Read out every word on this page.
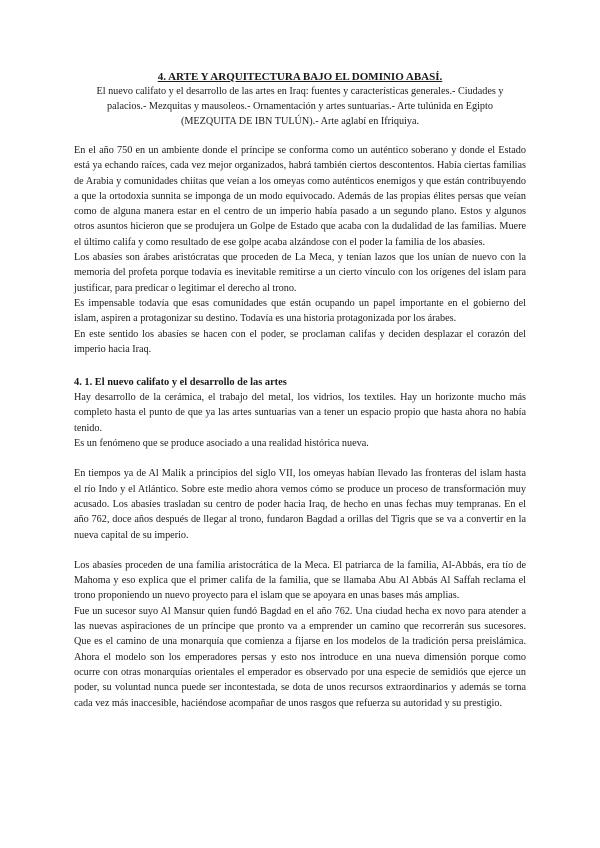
4. ARTE Y ARQUITECTURA BAJO EL DOMINIO ABASÍ.

El nuevo califato y el desarrollo de las artes en Iraq: fuentes y características generales.- Ciudades y palacios.- Mezquitas y mausoleos.- Ornamentación y artes suntuarias.- Arte tulúnida en Egipto (MEZQUITA DE IBN TULÚN).- Arte aglabí en Ifriquiya.

En el año 750 en un ambiente donde el príncipe se conforma como un auténtico soberano y donde el Estado está ya echando raíces, cada vez mejor organizados, habrá también ciertos descontentos. Había ciertas familias de Arabia y comunidades chiítas que veían a los omeyas como auténticos enemigos y que están contribuyendo a que la ortodoxia sunnita se imponga de un modo equivocado. Además de las propias élites persas que veían como de alguna manera estar en el centro de un imperio había pasado a un segundo plano. Estos y algunos otros asuntos hicieron que se produjera un Golpe de Estado que acaba con la dudalidad de las familias. Muere el último califa y como resultado de ese golpe acaba alzándose con el poder la familia de los abasíes.

Los abasíes son árabes aristócratas que proceden de La Meca, y tenían lazos que los unían de nuevo con la memoria del profeta porque todavía es inevitable remitirse a un cierto vínculo con los orígenes del islam para justificar, para predicar o legitimar el derecho al trono.

Es impensable todavía que esas comunidades que están ocupando un papel importante en el gobierno del islam, aspiren a protagonizar su destino. Todavía es una historia protagonizada por los árabes.

En este sentido los abasíes se hacen con el poder, se proclaman califas y deciden desplazar el corazón del imperio hacia Iraq.

4. 1. El nuevo califato y el desarrollo de las artes

Hay desarrollo de la cerámica, el trabajo del metal, los vidrios, los textiles. Hay un horizonte mucho más completo hasta el punto de que ya las artes suntuarias van a tener un espacio propio que hasta ahora no había tenido.

Es un fenómeno que se produce asociado a una realidad histórica nueva.

En tiempos ya de Al Malik a principios del siglo VII, los omeyas habían llevado las fronteras del islam hasta el río Indo y el Atlántico. Sobre este medio ahora vemos cómo se produce un proceso de transformación muy acusado. Los abasíes trasladan su centro de poder hacia Iraq, de hecho en unas fechas muy tempranas. En el año 762, doce años después de llegar al trono, fundaron Bagdad a orillas del Tigris que se va a convertir en la nueva capital de su imperio.

Los abasíes proceden de una familia aristocrática de la Meca. El patriarca de la familia, Al-Abbás, era tío de Mahoma y eso explica que el primer califa de la familia, que se llamaba Abu Al Abbás Al Saffah reclama el trono proponiendo un nuevo proyecto para el islam que se apoyara en unas bases más amplias.

Fue un sucesor suyo Al Mansur quien fundó Bagdad en el año 762. Una ciudad hecha ex novo para atender a las nuevas aspiraciones de un príncipe que pronto va a emprender un camino que recorrerán sus sucesores. Que es el camino de una monarquía que comienza a fijarse en los modelos de la tradición persa preislámica. Ahora el modelo son los emperadores persas y esto nos introduce en una nueva dimensión porque como ocurre con otras monarquías orientales el emperador es observado por una especie de semidiós que ejerce un poder, su voluntad nunca puede ser incontestada, se dota de unos recursos extraordinarios y además se torna cada vez más inaccesible, haciéndose acompañar de unos rasgos que refuerza su autoridad y su prestigio.
